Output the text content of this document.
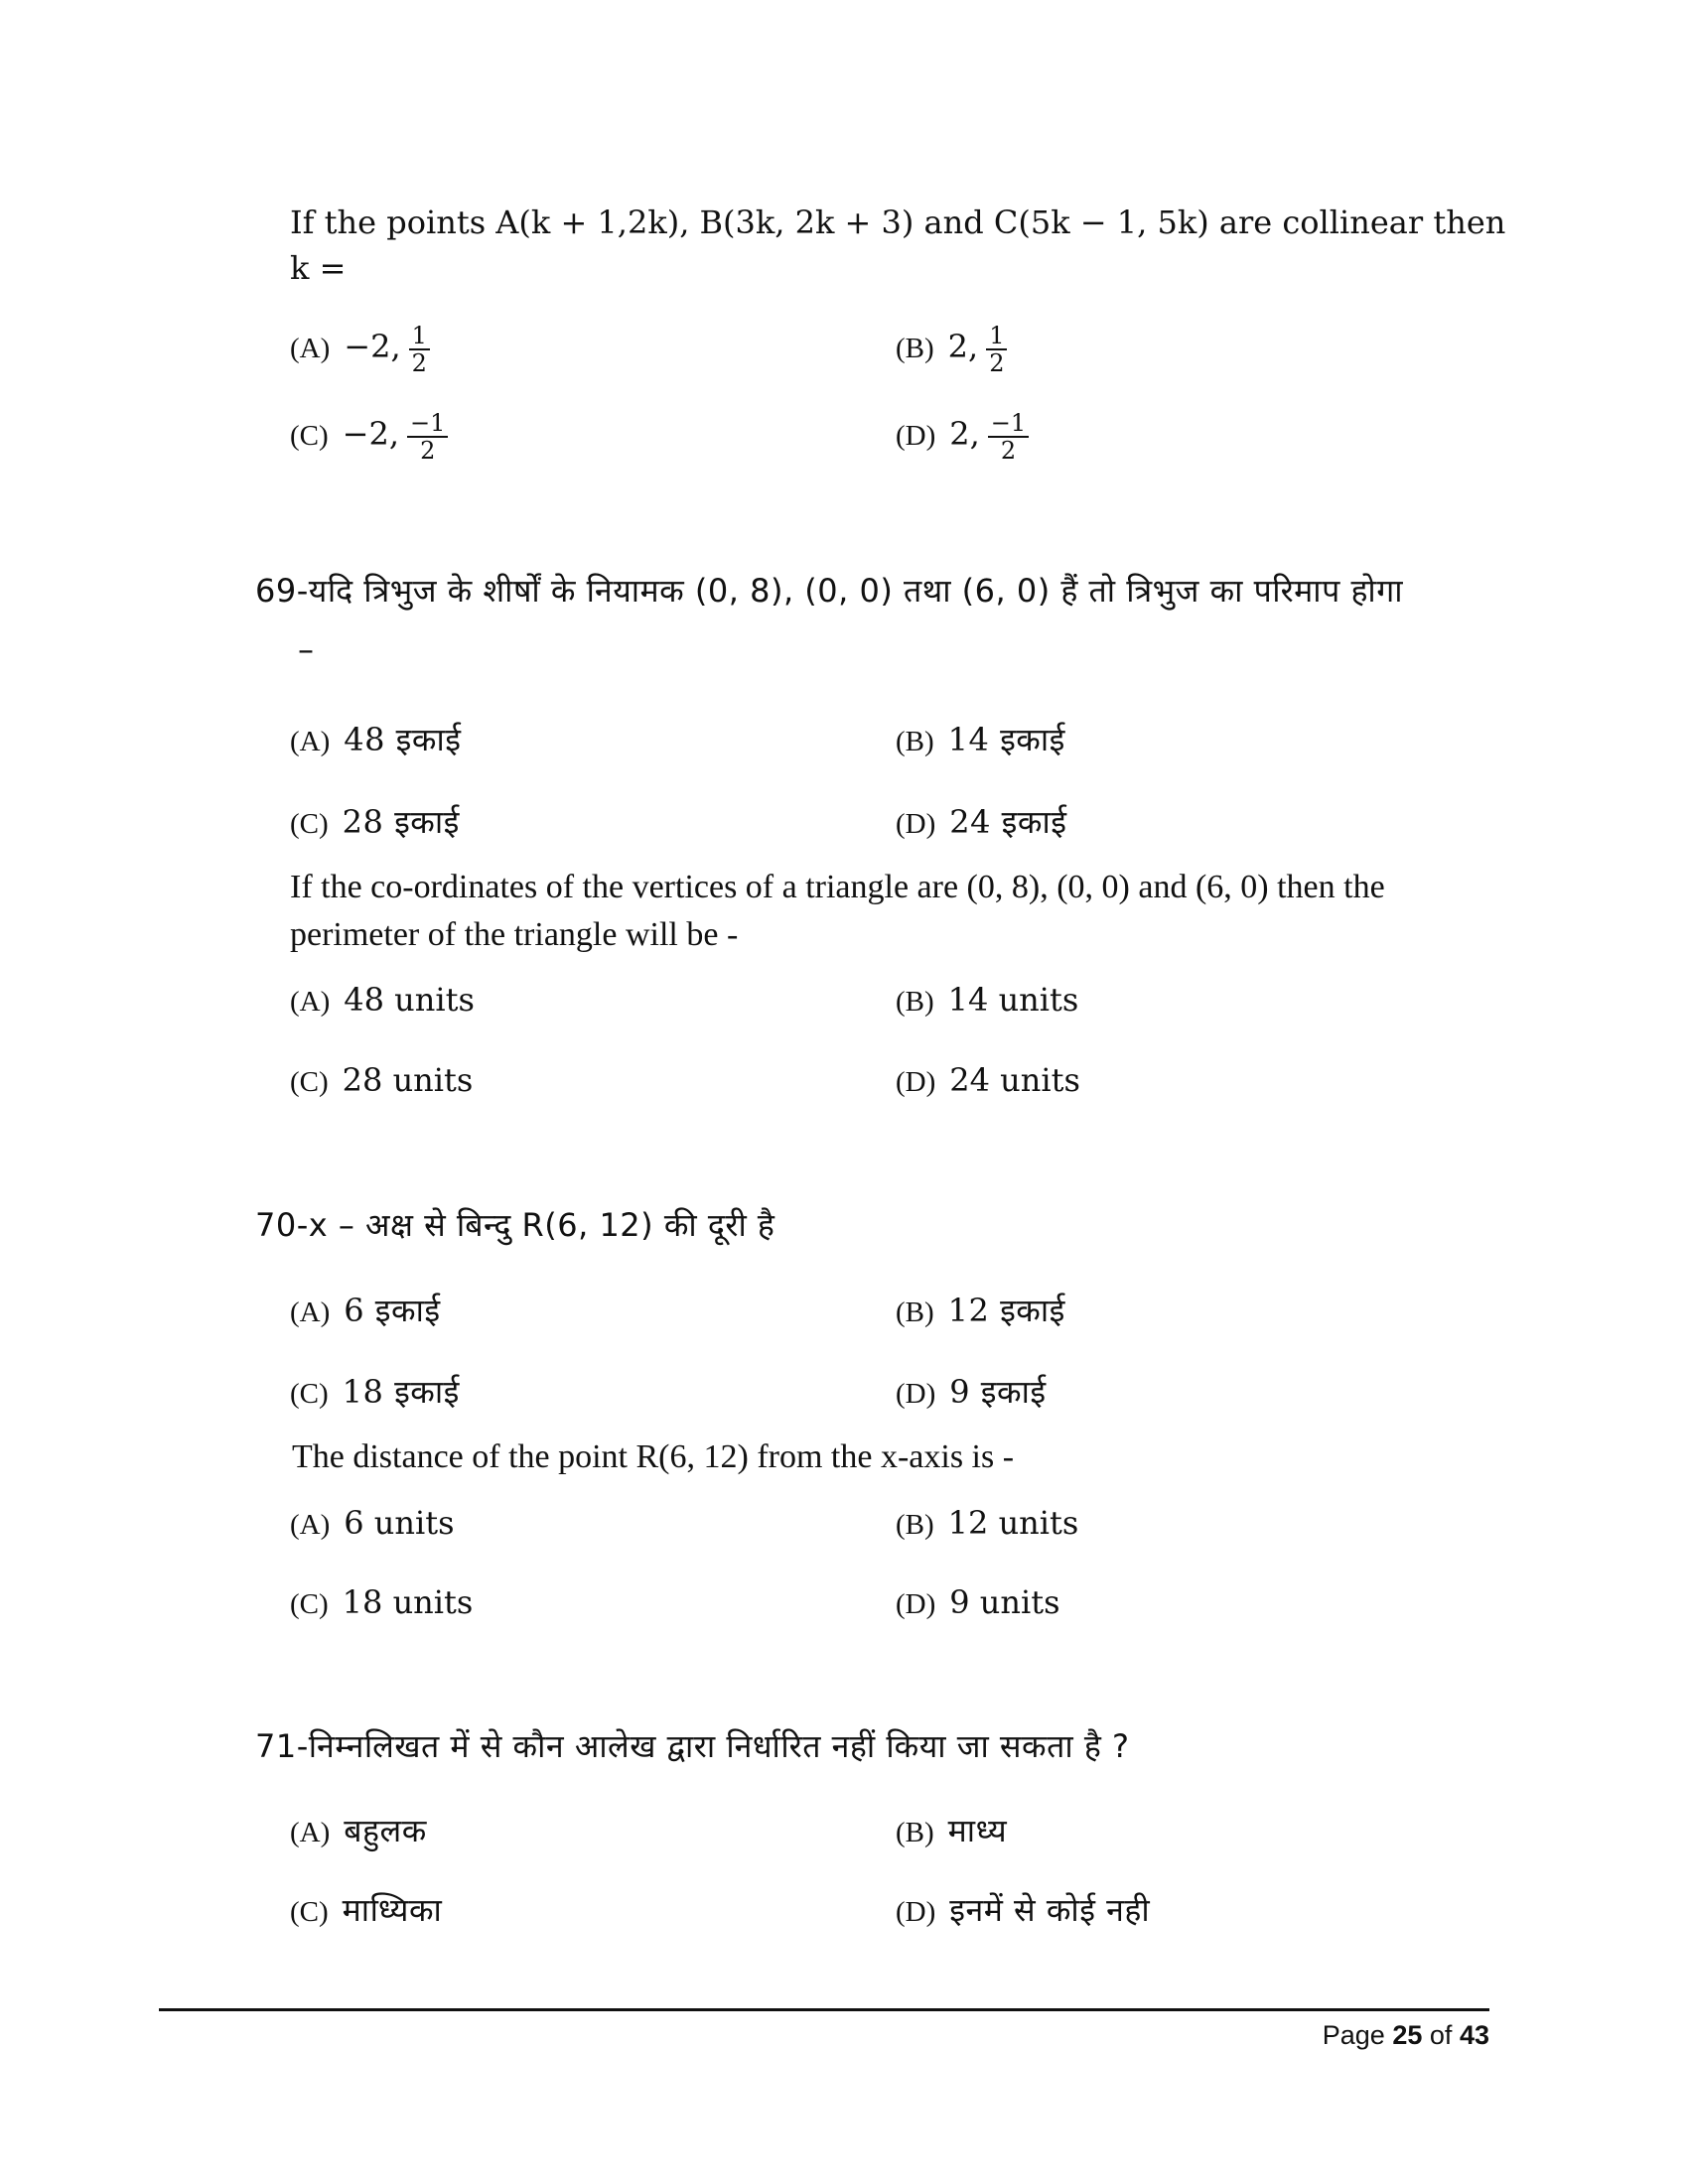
If the points A(k + 1,2k), B(3k, 2k + 3) and C(5k − 1, 5k) are collinear then
k =
(A) −2, $\frac{1}{2}$	(B) 2, $\frac{1}{2}$
(C) −2, $\frac{-1}{2}$	(D) 2, $\frac{-1}{2}$
69-यदि त्रिभुज के शीर्षों के नियामक (0, 8), (0, 0) तथा (6, 0) हैं तो त्रिभुज का परिमाप होगा
–
(A) 48 इकाई	(B) 14 इकाई
(C) 28 इकाई	(D) 24 इकाई
If the co-ordinates of the vertices of a triangle are (0, 8), (0, 0) and (6, 0) then the
perimeter of the triangle will be -
(A) 48 units	(B) 14 units
(C) 28 units	(D) 24 units
70-x – अक्ष से बिन्दु R(6, 12) की दूरी है
(A) 6 इकाई	(B) 12 इकाई
(C) 18 इकाई	(D) 9 इकाई
The distance of the point R(6, 12) from the x-axis is -
(A) 6 units	(B) 12 units
(C) 18 units	(D) 9 units
71-निम्नलिखत में से कौन आलेख द्वारा निर्धारित नहीं किया जा सकता है ?
(A) बहुलक	(B) माध्य
(C) माध्यिका	(D) इनमें से कोई नही
Page 25 of 43
